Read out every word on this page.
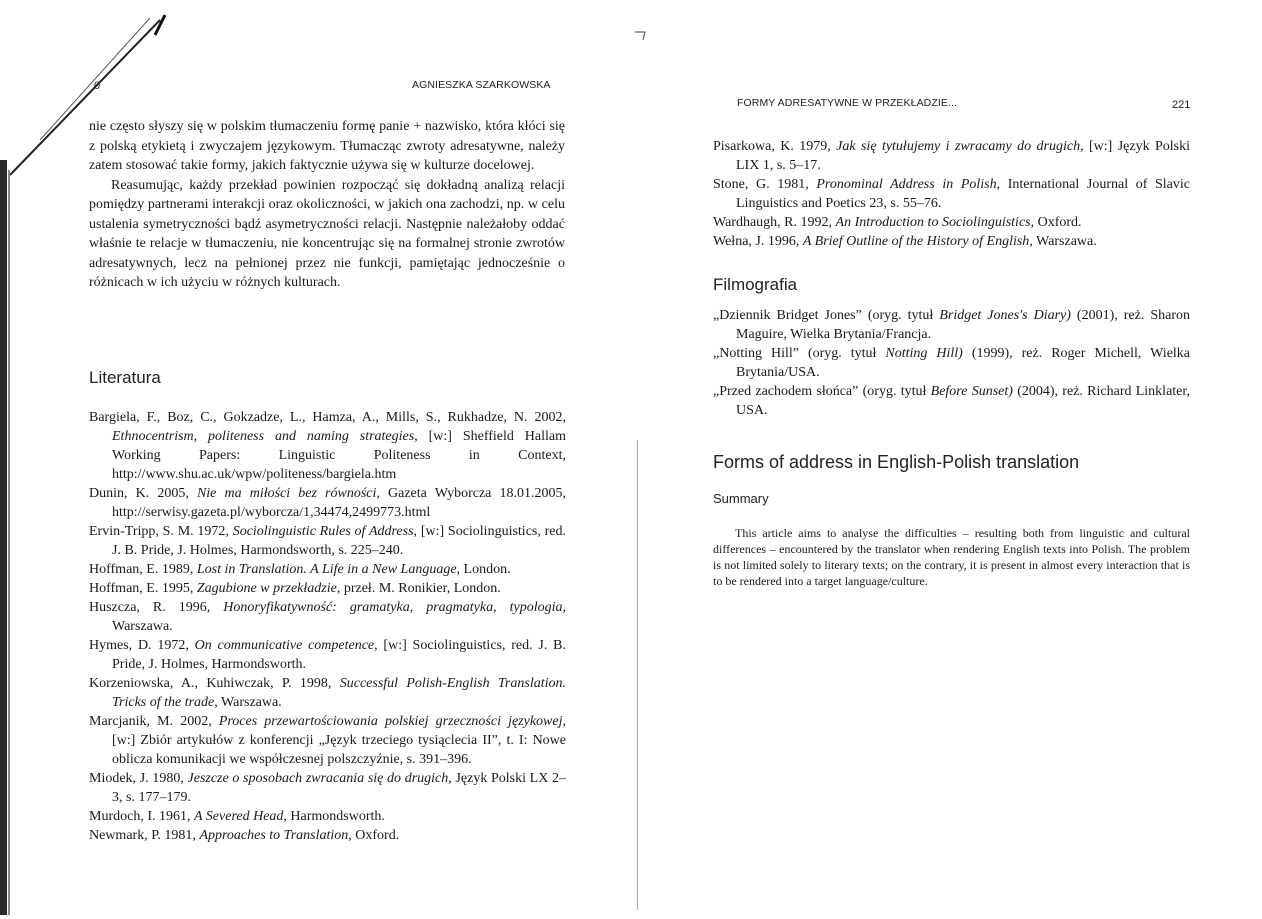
0	AGNIESZKA SZARKOWSKA

nie często słyszy się w polskim tłumaczeniu formę panie + nazwisko, która kłóci się z polską etykietą i zwyczajem językowym. Tłumacząc zwroty adresatywne, należy zatem stosować takie formy, jakich faktycznie używa się w kulturze docelowej.

Reasumując, każdy przekład powinien rozpocząć się dokładną analizą relacji pomiędzy partnerami interakcji oraz okoliczności, w jakich ona zachodzi, np. w celu ustalenia symetryczności bądź asymetryczności relacji. Następnie należałoby oddać właśnie te relacje w tłumaczeniu, nie koncentrując się na formalnej stronie zwrotów adresatywnych, lecz na pełnionej przez nie funkcji, pamiętając jednocześnie o różnicach w ich użyciu w różnych kulturach.

Literatura
Bargiela, F., Boz, C., Gokzadze, L., Hamza, A., Mills, S., Rukhadze, N. 2002, Ethnocentrism, politeness and naming strategies, [w:] Sheffield Hallam Working Papers: Linguistic Politeness in Context, http://www.shu.ac.uk/wpw/politeness/bargiela.htm
Dunin, K. 2005, Nie ma miłości bez równości, Gazeta Wyborcza 18.01.2005, http://serwisy.gazeta.pl/wyborcza/1,34474,2499773.html
Ervin-Tripp, S. M. 1972, Sociolinguistic Rules of Address, [w:] Sociolinguistics, red. J. B. Pride, J. Holmes, Harmondsworth, s. 225–240.
Hoffman, E. 1989, Lost in Translation. A Life in a New Language, London.
Hoffman, E. 1995, Zagubione w przekładzie, przeł. M. Ronikier, London.
Huszcza, R. 1996, Honoryfikatywność: gramatyka, pragmatyka, typologia, Warszawa.
Hymes, D. 1972, On communicative competence, [w:] Sociolinguistics, red. J. B. Pride, J. Holmes, Harmondsworth.
Korzeniowska, A., Kuhiwczak, P. 1998, Successful Polish-English Translation. Tricks of the trade, Warszawa.
Marcjanik, M. 2002, Proces przewartościowania polskiej grzeczności językowej, [w:] Zbiór artykułów z konferencji „Język trzeciego tysiąclecia II”, t. I: Nowe oblicza komunikacji we współczesnej polszczyźnie, s. 391–396.
Miodek, J. 1980, Jeszcze o sposobach zwracania się do drugich, Język Polski LX 2–3, s. 177–179.
Murdoch, I. 1961, A Severed Head, Harmondsworth.
Newmark, P. 1981, Approaches to Translation, Oxford.
FORMY ADRESATYWNE W PRZEKŁADZIE...	221
Pisarkowa, K. 1979, Jak się tytułujemy i zwracamy do drugich, [w:] Język Polski LIX 1, s. 5–17.
Stone, G. 1981, Pronominal Address in Polish, International Journal of Slavic Linguistics and Poetics 23, s. 55–76.
Wardhaugh, R. 1992, An Introduction to Sociolinguistics, Oxford.
Wełna, J. 1996, A Brief Outline of the History of English, Warszawa.
Filmografia
„Dziennik Bridget Jones” (oryg. tytuł Bridget Jones's Diary) (2001), reż. Sharon Maguire, Wielka Brytania/Francja.
„Notting Hill” (oryg. tytuł Notting Hill) (1999), reż. Roger Michell, Wielka Brytania/USA.
„Przed zachodem słońca” (oryg. tytuł Before Sunset) (2004), reż. Richard Linklater, USA.
Forms of address in English-Polish translation
Summary

This article aims to analyse the difficulties – resulting both from linguistic and cultural differences – encountered by the translator when rendering English texts into Polish. The problem is not limited solely to literary texts; on the contrary, it is present in almost every interaction that is to be rendered into a target language/culture.
